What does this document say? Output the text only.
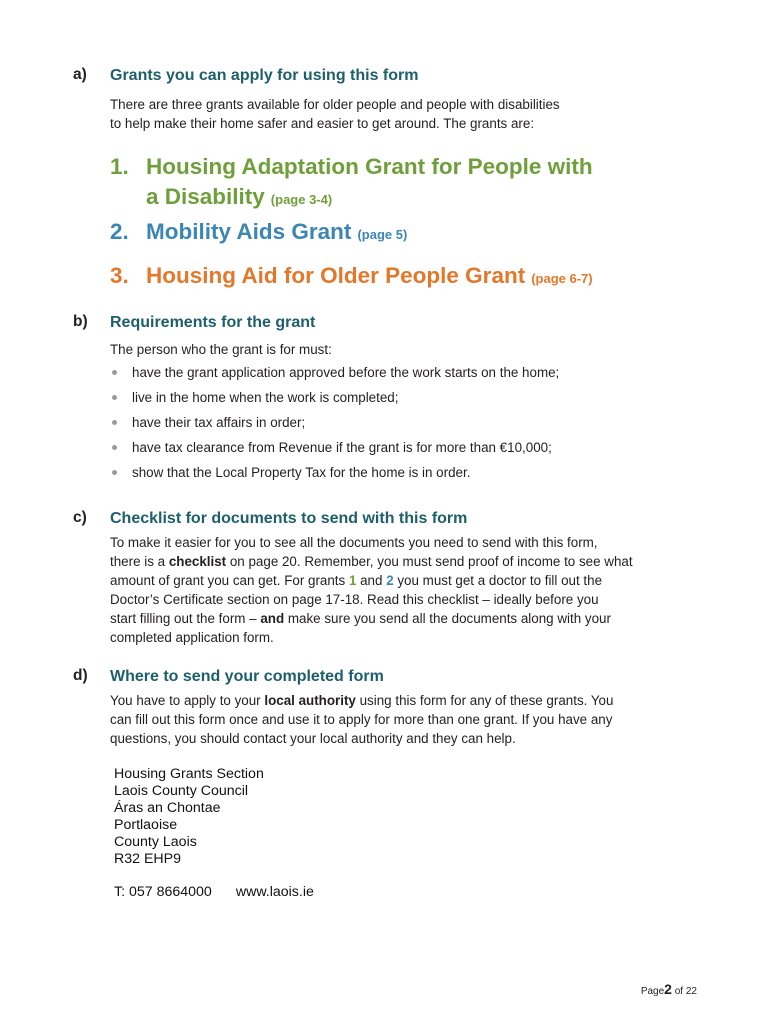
a) Grants you can apply for using this form
There are three grants available for older people and people with disabilities
to help make their home safer and easier to get around. The grants are:
1. Housing Adaptation Grant for People with
a Disability (page 3-4)
2. Mobility Aids Grant (page 5)
3. Housing Aid for Older People Grant (page 6-7)
b) Requirements for the grant
The person who the grant is for must:
have the grant application approved before the work starts on the home;
live in the home when the work is completed;
have their tax affairs in order;
have tax clearance from Revenue if the grant is for more than €10,000;
show that the Local Property Tax for the home is in order.
c) Checklist for documents to send with this form
To make it easier for you to see all the documents you need to send with this form,
there is a checklist on page 20. Remember, you must send proof of income to see what
amount of grant you can get. For grants 1 and 2 you must get a doctor to fill out the
Doctor’s Certificate section on page 17-18. Read this checklist – ideally before you
start filling out the form – and make sure you send all the documents along with your
completed application form.
d) Where to send your completed form
You have to apply to your local authority using this form for any of these grants. You
can fill out this form once and use it to apply for more than one grant. If you have any
questions, you should contact your local authority and they can help.
Housing Grants Section
Laois County Council
Áras an Chontae
Portlaoise
County Laois
R32 EHP9
T: 057 8664000 www.laois.ie
Page2 of 22
